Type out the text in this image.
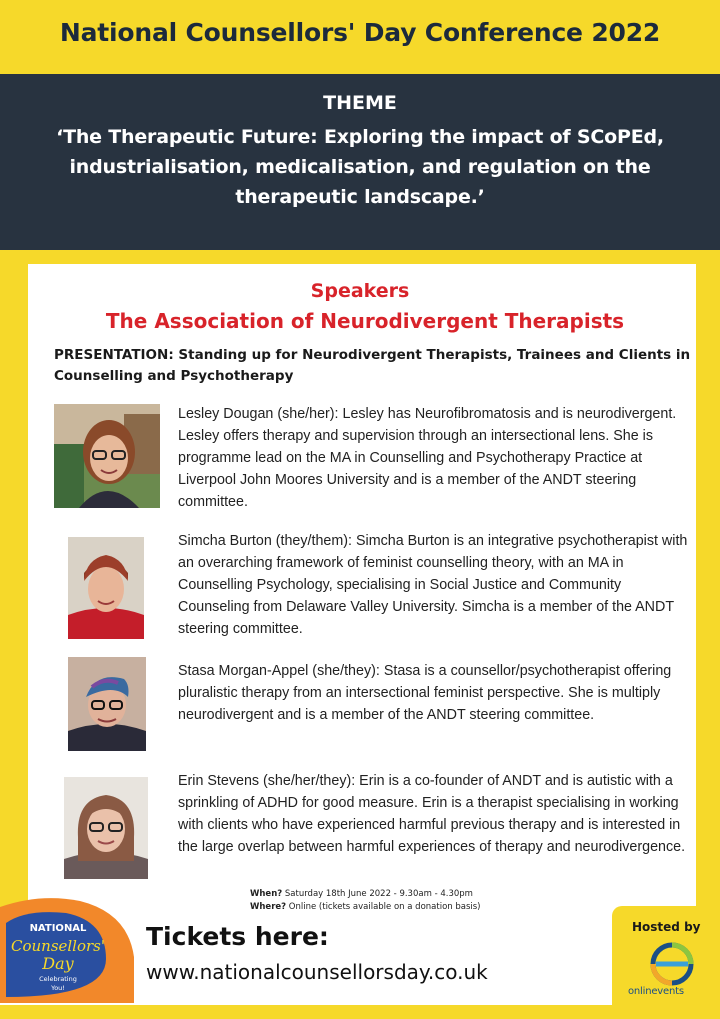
National Counsellors' Day Conference 2022
THEME
‘The Therapeutic Future: Exploring the impact of SCoPEd, industrialisation, medicalisation, and regulation on the therapeutic landscape.’
Speakers
The Association of Neurodivergent Therapists
PRESENTATION: Standing up for Neurodivergent Therapists, Trainees and Clients in Counselling and Psychotherapy
Lesley Dougan (she/her): Lesley has Neurofibromatosis and is neurodivergent. Lesley offers therapy and supervision through an intersectional lens. She is programme lead on the MA in Counselling and Psychotherapy Practice at Liverpool John Moores University and is a member of the ANDT steering committee.
Simcha Burton (they/them): Simcha Burton is an integrative psychotherapist with an overarching framework of feminist counselling theory, with an MA in Counselling Psychology, specialising in Social Justice and Community Counseling from Delaware Valley University. Simcha is a member of the ANDT steering committee.
Stasa Morgan-Appel (she/they): Stasa is a counsellor/psychotherapist offering pluralistic therapy from an intersectional feminist perspective. She is multiply neurodivergent and is a member of the ANDT steering committee.
Erin Stevens (she/her/they): Erin is a co-founder of ANDT and is autistic with a sprinkling of ADHD for good measure. Erin is a therapist specialising in working with clients who have experienced harmful previous therapy and is interested in the large overlap between harmful experiences of therapy and neurodivergence.
When? Saturday 18th June 2022 - 9.30am - 4.30pm
Where? Online (tickets available on a donation basis)
NATIONAL
Counsellors'
Day
Celebrating
You!
Tickets here:
www.nationalcounsellorsday.co.uk
Hosted by
onlinevents
